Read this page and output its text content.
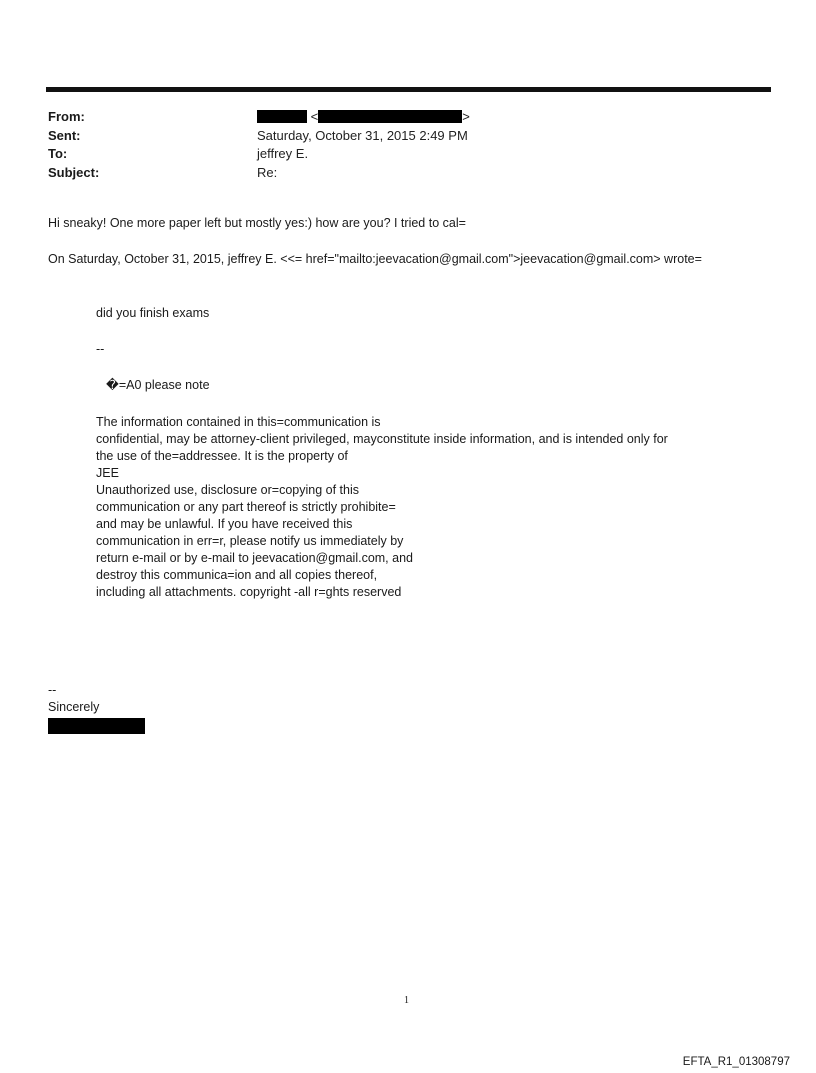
From:	<	>
Sent:	Saturday, October 31, 2015 2:49 PM
To:	jeffrey E.
Subject:	Re:
Hi sneaky! One more paper left but mostly yes:) how are you? I tried to cal=
On Saturday, October 31, 2015, jeffrey E. <<= href="mailto:jeevacation@gmail.com">jeevacation@gmail.com> wrote=
did you finish exams
--
�=A0 please note
The information contained in this=communication is
confidential, may be attorney-client privileged, mayconstitute inside information, and is intended only for
the use of the=addressee. It is the property of
JEE
Unauthorized use, disclosure or=copying of this
communication or any part thereof is strictly prohibite=
and may be unlawful. If you have received this
communication in err=r, please notify us immediately by
return e-mail or by e-mail to jeevacation@gmail.com, and
destroy this communica=ion and all copies thereof,
including all attachments. copyright -all r=ghts reserved
--
Sincerely
1
EFTA_R1_01308797
